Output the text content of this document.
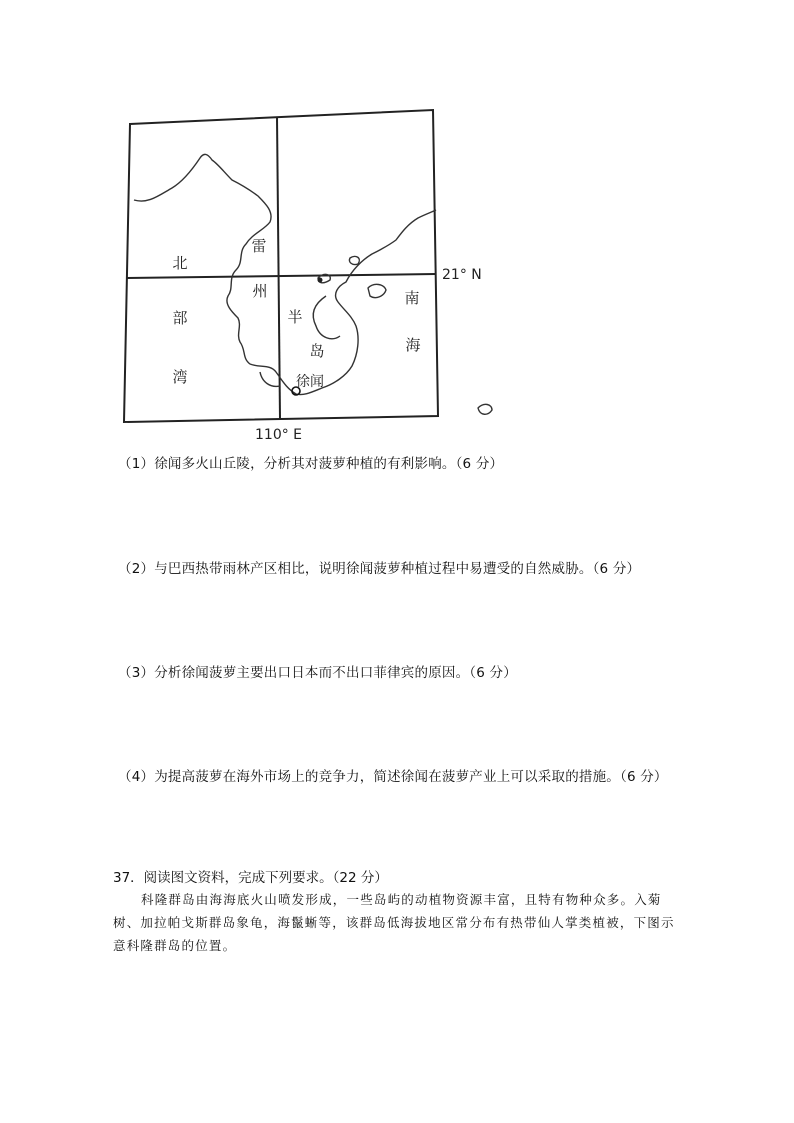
北
部
湾
雷
州
半
岛
南
海
徐闻
21° N
110° E
（1）徐闻多火山丘陵，分析其对菠萝种植的有利影响。（6 分）
（2）与巴西热带雨林产区相比，说明徐闻菠萝种植过程中易遭受的自然威胁。（6 分）
（3）分析徐闻菠萝主要出口日本而不出口菲律宾的原因。（6 分）
（4）为提高菠萝在海外市场上的竞争力，简述徐闻在菠萝产业上可以采取的措施。（6 分）
37．阅读图文资料，完成下列要求。（22 分）

科隆群岛由海海底火山喷发形成，一些岛屿的动植物资源丰富，且特有物种众多。入菊树、加拉帕戈斯群岛象龟，海鬣蜥等，该群岛低海拔地区常分布有热带仙人掌类植被，下图示意科隆群岛的位置。
